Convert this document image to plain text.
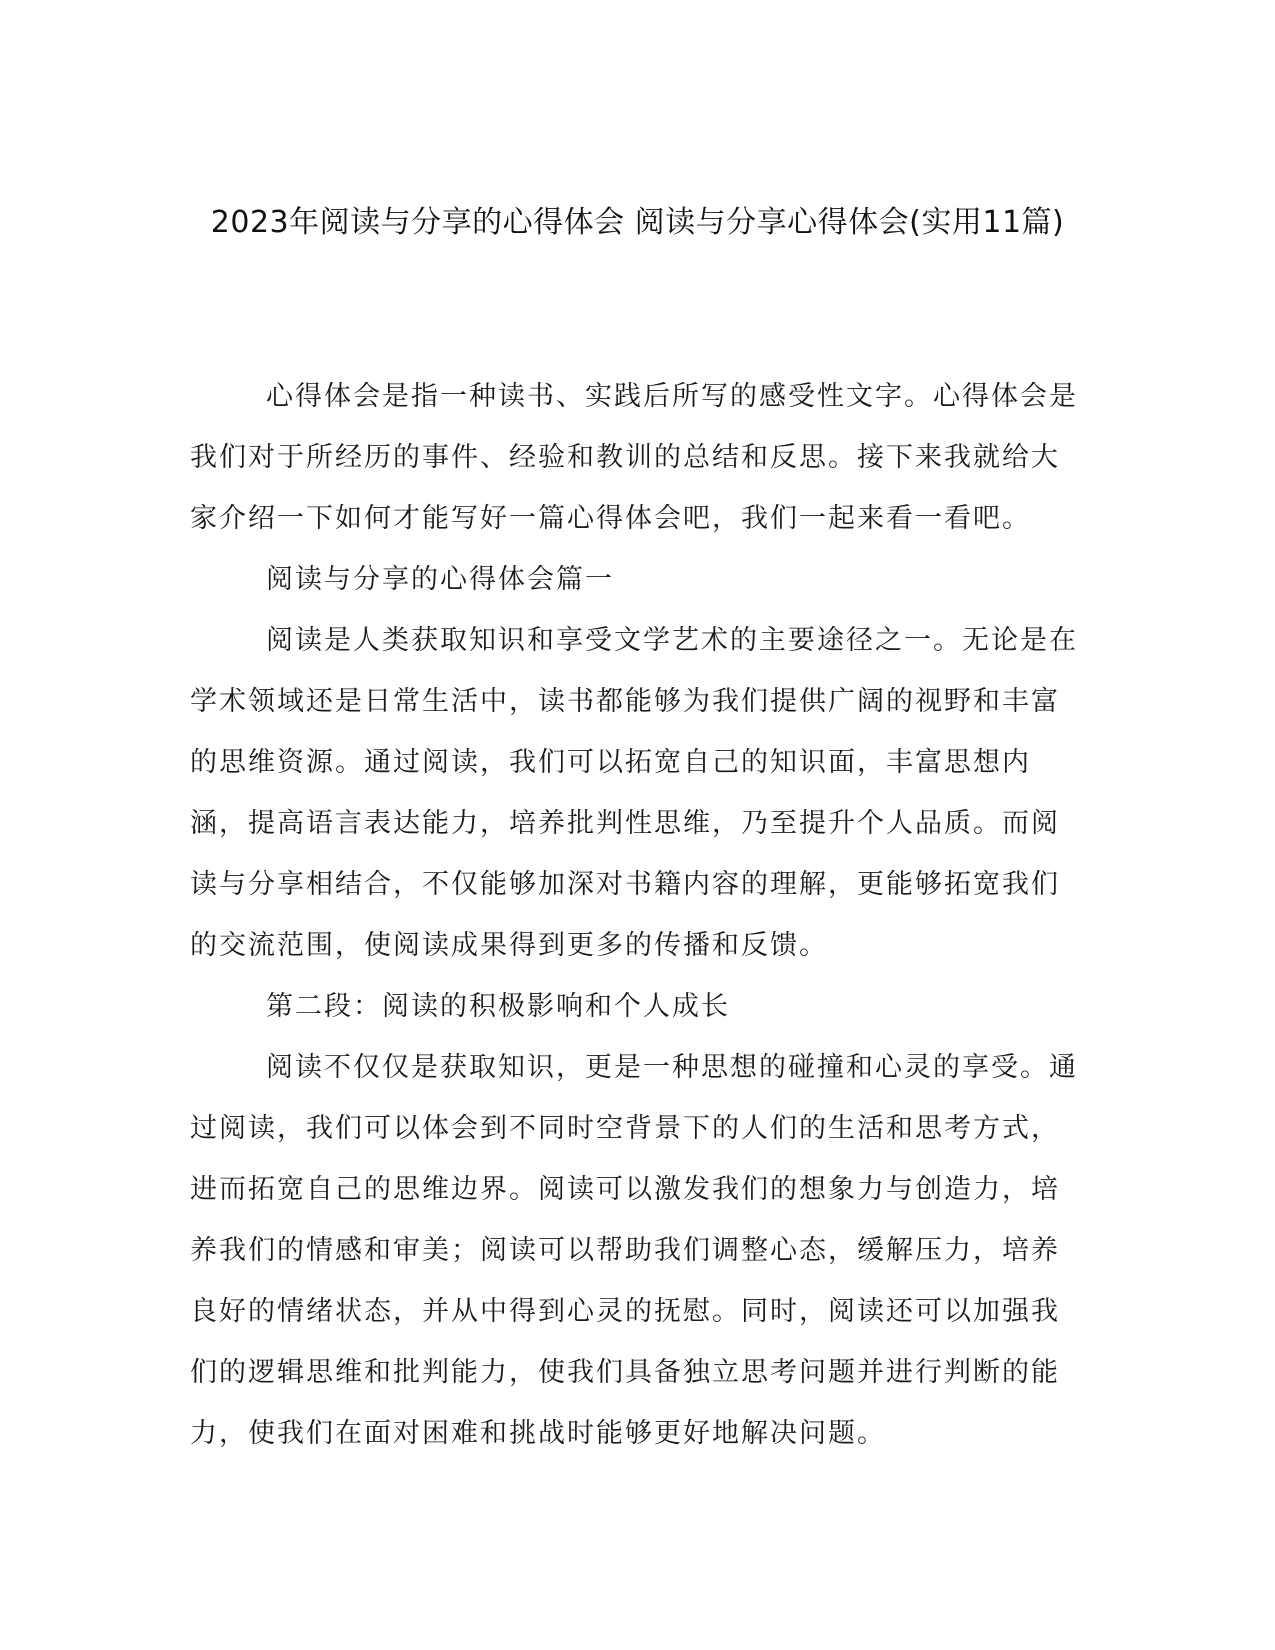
2023年阅读与分享的心得体会 阅读与分享心得体会(实用11篇)

心得体会是指一种读书、实践后所写的感受性文字。心得体会是我们对于所经历的事件、经验和教训的总结和反思。接下来我就给大家介绍一下如何才能写好一篇心得体会吧，我们一起来看一看吧。

阅读与分享的心得体会篇一

阅读是人类获取知识和享受文学艺术的主要途径之一。无论是在学术领域还是日常生活中，读书都能够为我们提供广阔的视野和丰富的思维资源。通过阅读，我们可以拓宽自己的知识面，丰富思想内涵，提高语言表达能力，培养批判性思维，乃至提升个人品质。而阅读与分享相结合，不仅能够加深对书籍内容的理解，更能够拓宽我们的交流范围，使阅读成果得到更多的传播和反馈。

第二段：阅读的积极影响和个人成长

阅读不仅仅是获取知识，更是一种思想的碰撞和心灵的享受。通过阅读，我们可以体会到不同时空背景下的人们的生活和思考方式，进而拓宽自己的思维边界。阅读可以激发我们的想象力与创造力，培养我们的情感和审美；阅读可以帮助我们调整心态，缓解压力，培养良好的情绪状态，并从中得到心灵的抚慰。同时，阅读还可以加强我们的逻辑思维和批判能力，使我们具备独立思考问题并进行判断的能力，使我们在面对困难和挑战时能够更好地解决问题。
